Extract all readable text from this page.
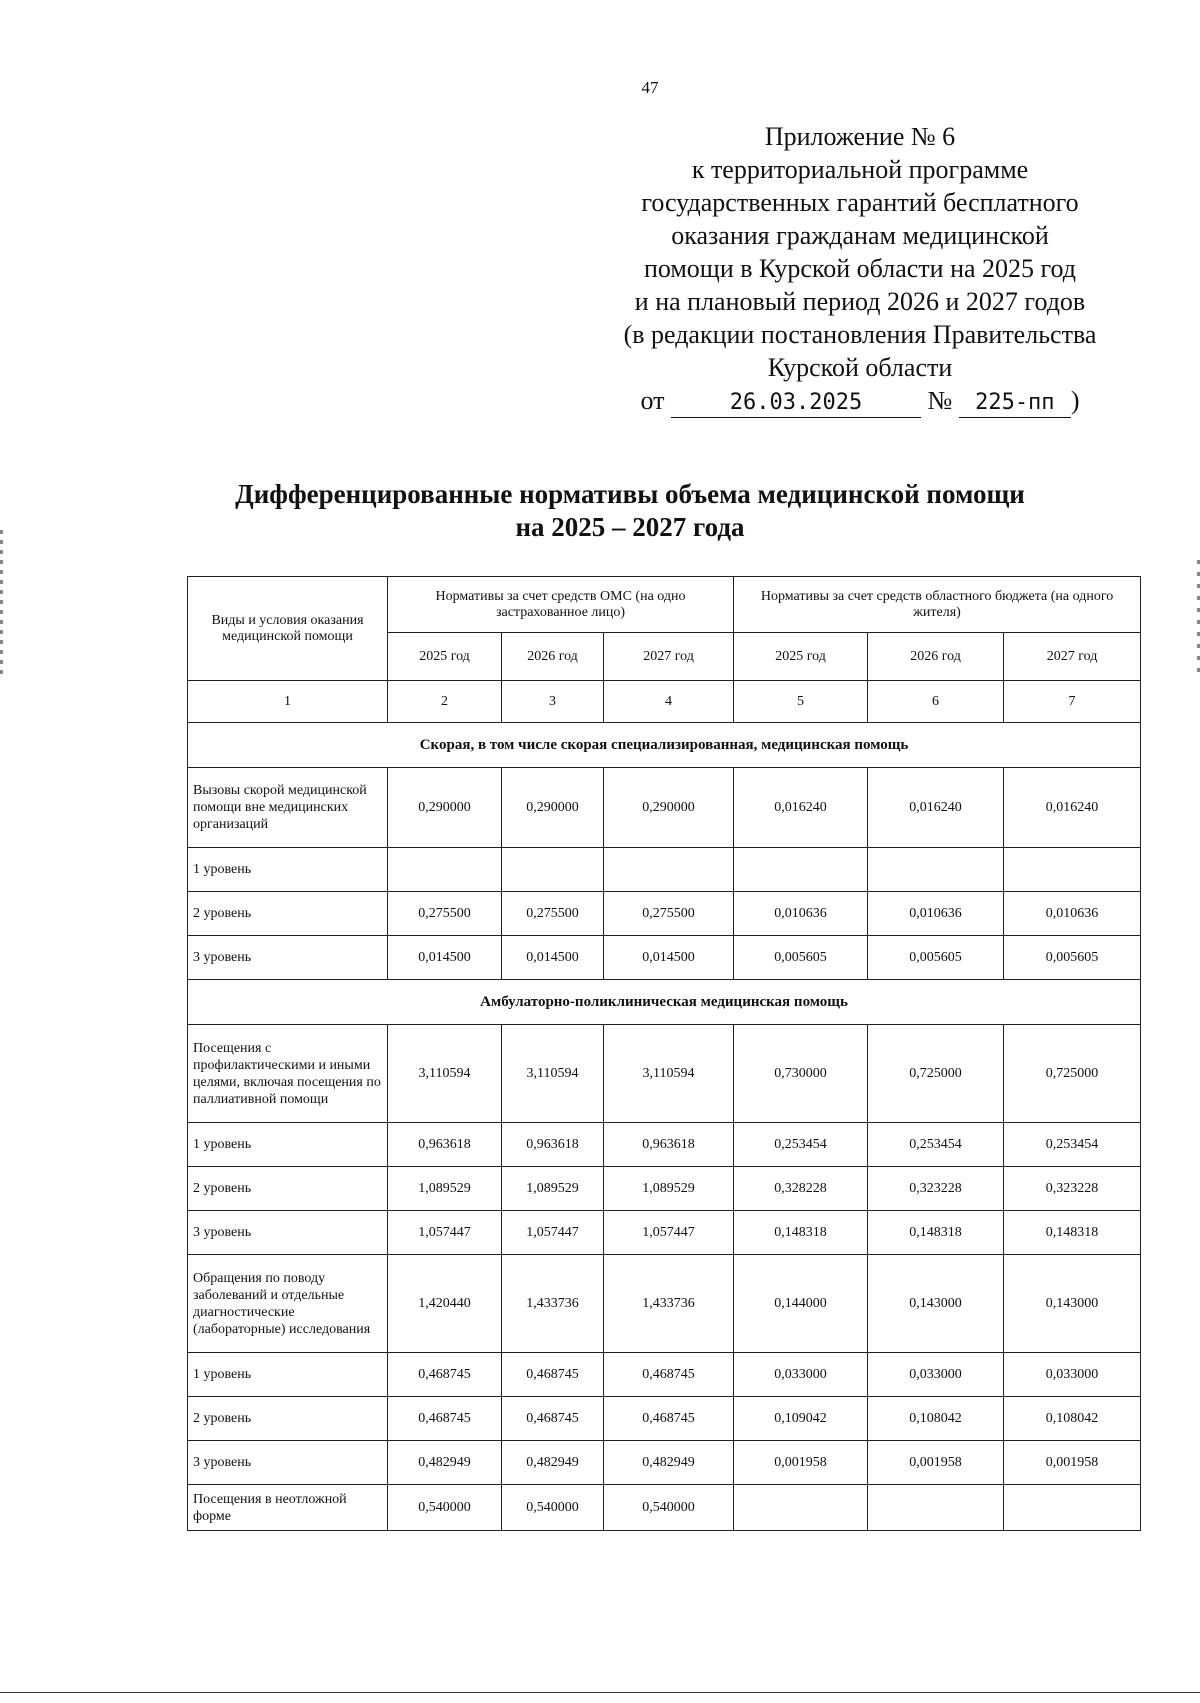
47
Приложение № 6
к территориальной программе
государственных гарантий бесплатного
оказания гражданам медицинской
помощи в Курской области на 2025 год
и на плановый период 2026 и 2027 годов
(в редакции постановления Правительства
Курской области
от	26.03.2025	№ 225-пп )
Дифференцированные нормативы объема медицинской помощи
на 2025 – 2027 года
Виды и условия оказания медицинской помощи	Нормативы за счет средств ОМС (на одно застрахованное лицо)			Нормативы за счет средств областного бюджета (на одного жителя)		
	2025 год	2026 год	2027 год	2025 год	2026 год	2027 год
1	2	3	4	5	6	7
Скорая, в том числе скорая специализированная, медицинская помощь						
Вызовы скорой медицинской помощи вне медицинских организаций	0,290000	0,290000	0,290000	0,016240	0,016240	0,016240
1 уровень						
2 уровень	0,275500	0,275500	0,275500	0,010636	0,010636	0,010636
3 уровень	0,014500	0,014500	0,014500	0,005605	0,005605	0,005605
Амбулаторно-поликлиническая медицинская помощь						
Посещения с профилактическими и иными целями, включая посещения по паллиативной помощи	3,110594	3,110594	3,110594	0,730000	0,725000	0,725000
1 уровень	0,963618	0,963618	0,963618	0,253454	0,253454	0,253454
2 уровень	1,089529	1,089529	1,089529	0,328228	0,323228	0,323228
3 уровень	1,057447	1,057447	1,057447	0,148318	0,148318	0,148318
Обращения по поводу заболеваний и отдельные диагностические (лабораторные) исследования	1,420440	1,433736	1,433736	0,144000	0,143000	0,143000
1 уровень	0,468745	0,468745	0,468745	0,033000	0,033000	0,033000
2 уровень	0,468745	0,468745	0,468745	0,109042	0,108042	0,108042
3 уровень	0,482949	0,482949	0,482949	0,001958	0,001958	0,001958
Посещения в неотложной форме	0,540000	0,540000	0,540000			
